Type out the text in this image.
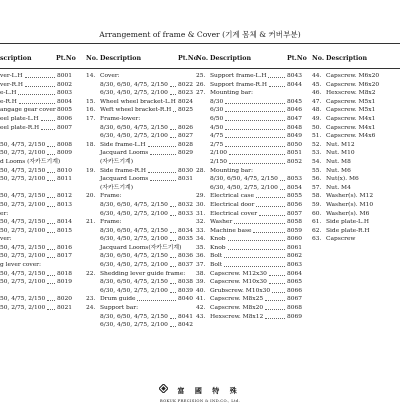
Arrangement of frame & Cover (기계 몸체 & 커버부분)
scription	Pt.No
ver-L.H	8001
ver-R.H	8002
e-L.H	8003
e-R.H	8004
angage gear cover 8005
eel plate-L.H	8006
eel plate-R.H	8007
50, 4/75, 2/150 8008
50, 2/75, 2/100 8009
d Looms (자카드기계)
50, 4/75, 2/150 8010
50, 2/75, 2/100 8011
50, 4/75, 2/150 8012
50, 2/75, 2/100 8013
er:
50, 4/75, 2/150 8014
50, 2/75, 2/100 8015
ver:
50, 4/75, 2/150 8016
50, 2/75, 2/100 8017
g lever cover:
50, 4/75, 2/150 8018
50, 2/75, 2/100 8019
50, 4/75, 2/150 8020
50, 2/75, 2/100 8021
No. Description	Pt.No
14. Cover:
8/30, 6/50, 4/75, 2/150 8022
6/30, 4/50, 2/75, 2/100 8023
15. Wheel wheel bracket-L.H 8024
16. Weft wheel bracket-R.H 8025
17. Frame-lower:
8/30, 6/50, 4/75, 2/150 8026
6/30, 4/50, 2/75, 2/100 8027
18. Side frame-L.H	8028
Jacquard Looms	8029
(자카드기계)
19. Side frame-R.H	8030
Jacquard Looms	8031
(자카드기계)
20. Frame:
8/30, 6/50, 4/75, 2/150 8032
6/30, 4/50, 2/75, 2/100 8033
21. Frame:
8/30, 6/50, 4/75, 2/150 8034
6/30, 4/50, 2/75, 2/100 8035
Jacquard Looms(자카드기계)
8/30, 6/50, 4/75, 2/150 8036
6/30, 4/50, 2/75, 2/100 8037
22. Shedding lever guide frame:
8/30, 6/50, 4/75, 2/150 8038
6/30, 4/50, 2/75, 2/100 8039
23. Drum guide	8040
24. Support bar:
8/30, 6/50, 4/75, 2/150 8041
6/30, 4/50, 2/75, 2/100 8042
No. Description	Pt.No
25. Support frame-L.H	8043
26. Support frame-R.H	8044
27. Mounting bar:
8/30	8045
6/30	8046
6/50	8047
4/50	8048
4/75	8049
2/75	8050
2/100	8051
2/150	8052
28. Mounting bar:
8/30, 6/50, 4/75, 2/150 8053
6/30, 4/50, 2/75, 2/100 8054
29. Electrical case	8055
30. Electrical door	8056
31. Electrical cover	8057
32. Washer	8058
33. Machine base	8059
34. Knob	8060
35. Knob	8061
36. Bolt	8062
37. Bolt	8063
38. Capscrew. M12x30	8064
39. Capscrew. M10x30	8065
40. Grubscrew. M10x30	8066
41. Capscrew. M8x25	8067
42. Capscrew. M8x20	8068
43. Hexscrew. M8x12	8069
No. Description
44. Capscrew. M6x20
45. Capscrew. M6x20
46. Hexscrew. M8x2
47. Capscrew. M5x1
48. Capscrew. M5x1
49. Capscrew. M4x1
50. Capscrew. M4x1
51. Capscrew. M4x6
52. Nut. M12
53. Nut. M10
54. Nut. M8
55. Nut. M6
56. Nut(x). M6
57. Nut. M4
58. Washer(s). M12
59. Washer(s). M10
60. Washer(s). M6
61. Side plate-L.H
62. Side plate-R.H
63. Capscrew
富 國 特 殊
BOKUK PRECISION & IND.CO., Ltd.
